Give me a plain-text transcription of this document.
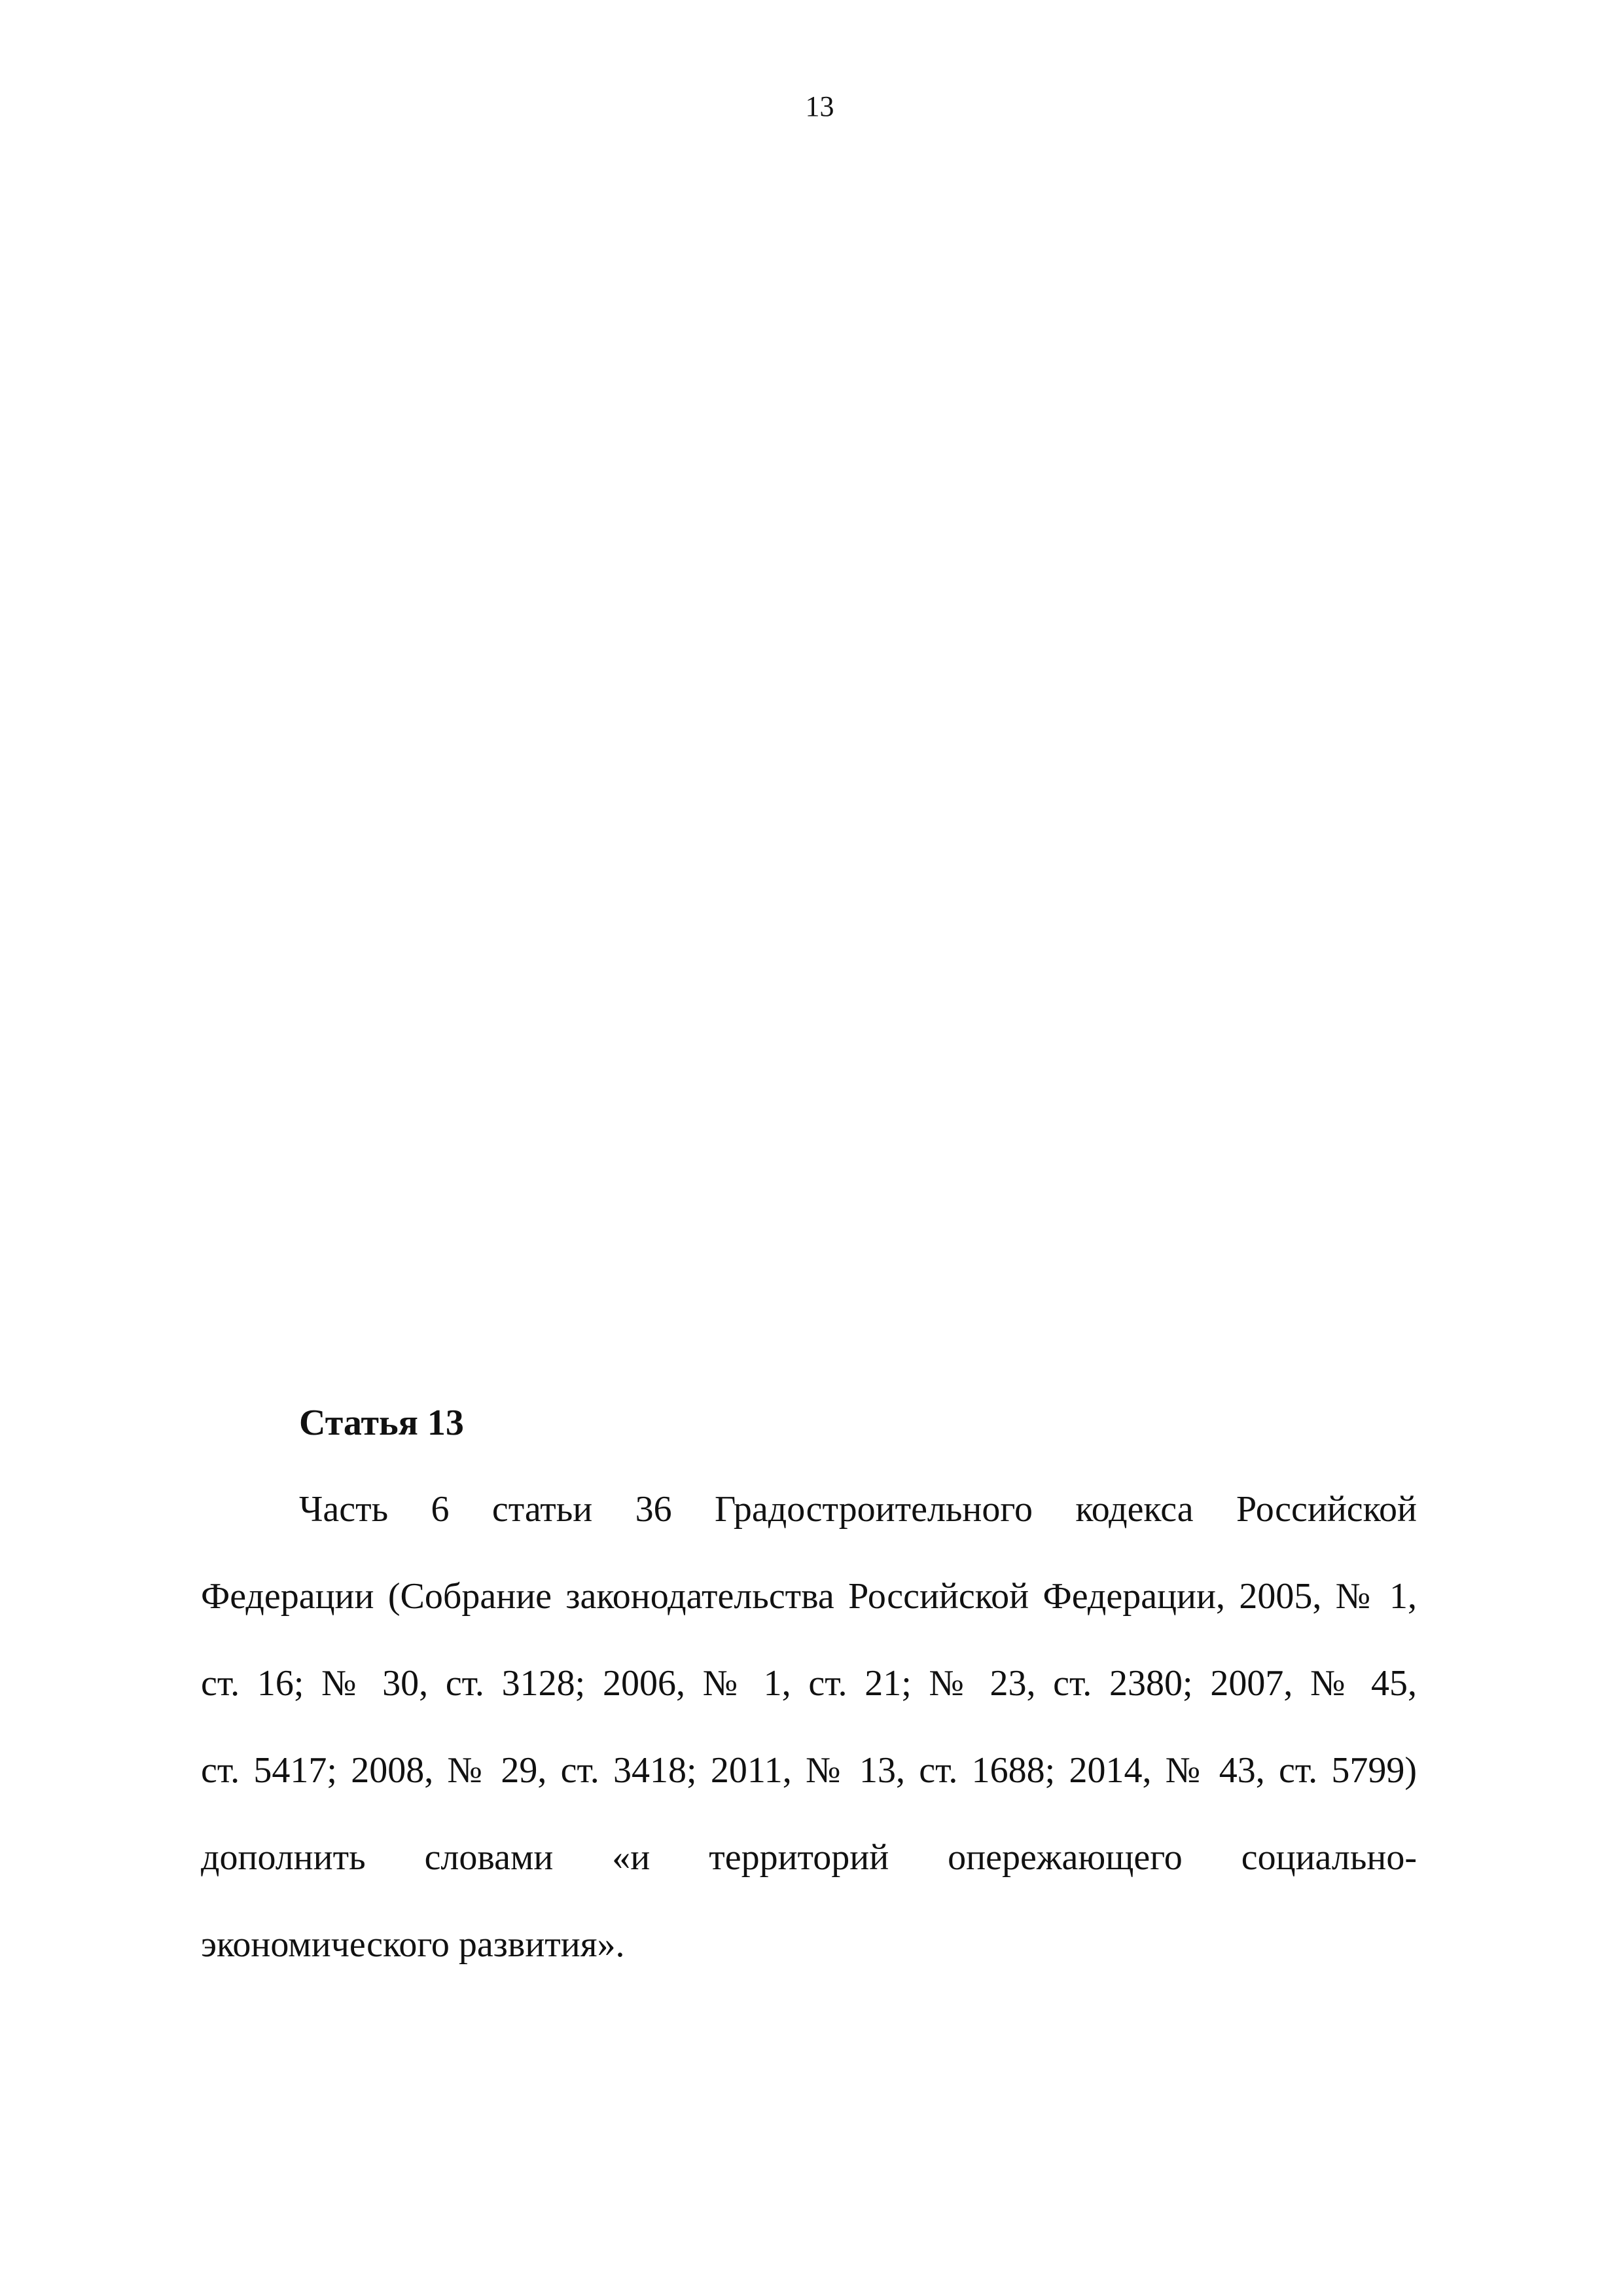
13
Статья 13
Часть 6 статьи 36 Градостроительного кодекса Российской
Федерации (Собрание законодательства Российской Федерации, 2005, № 1,
ст. 16; № 30, ст. 3128; 2006, № 1, ст. 21; № 23, ст. 2380; 2007, № 45,
ст. 5417; 2008, № 29, ст. 3418; 2011, № 13, ст. 1688; 2014, № 43, ст. 5799)
дополнить словами «и территорий опережающего социально-
экономического развития».
